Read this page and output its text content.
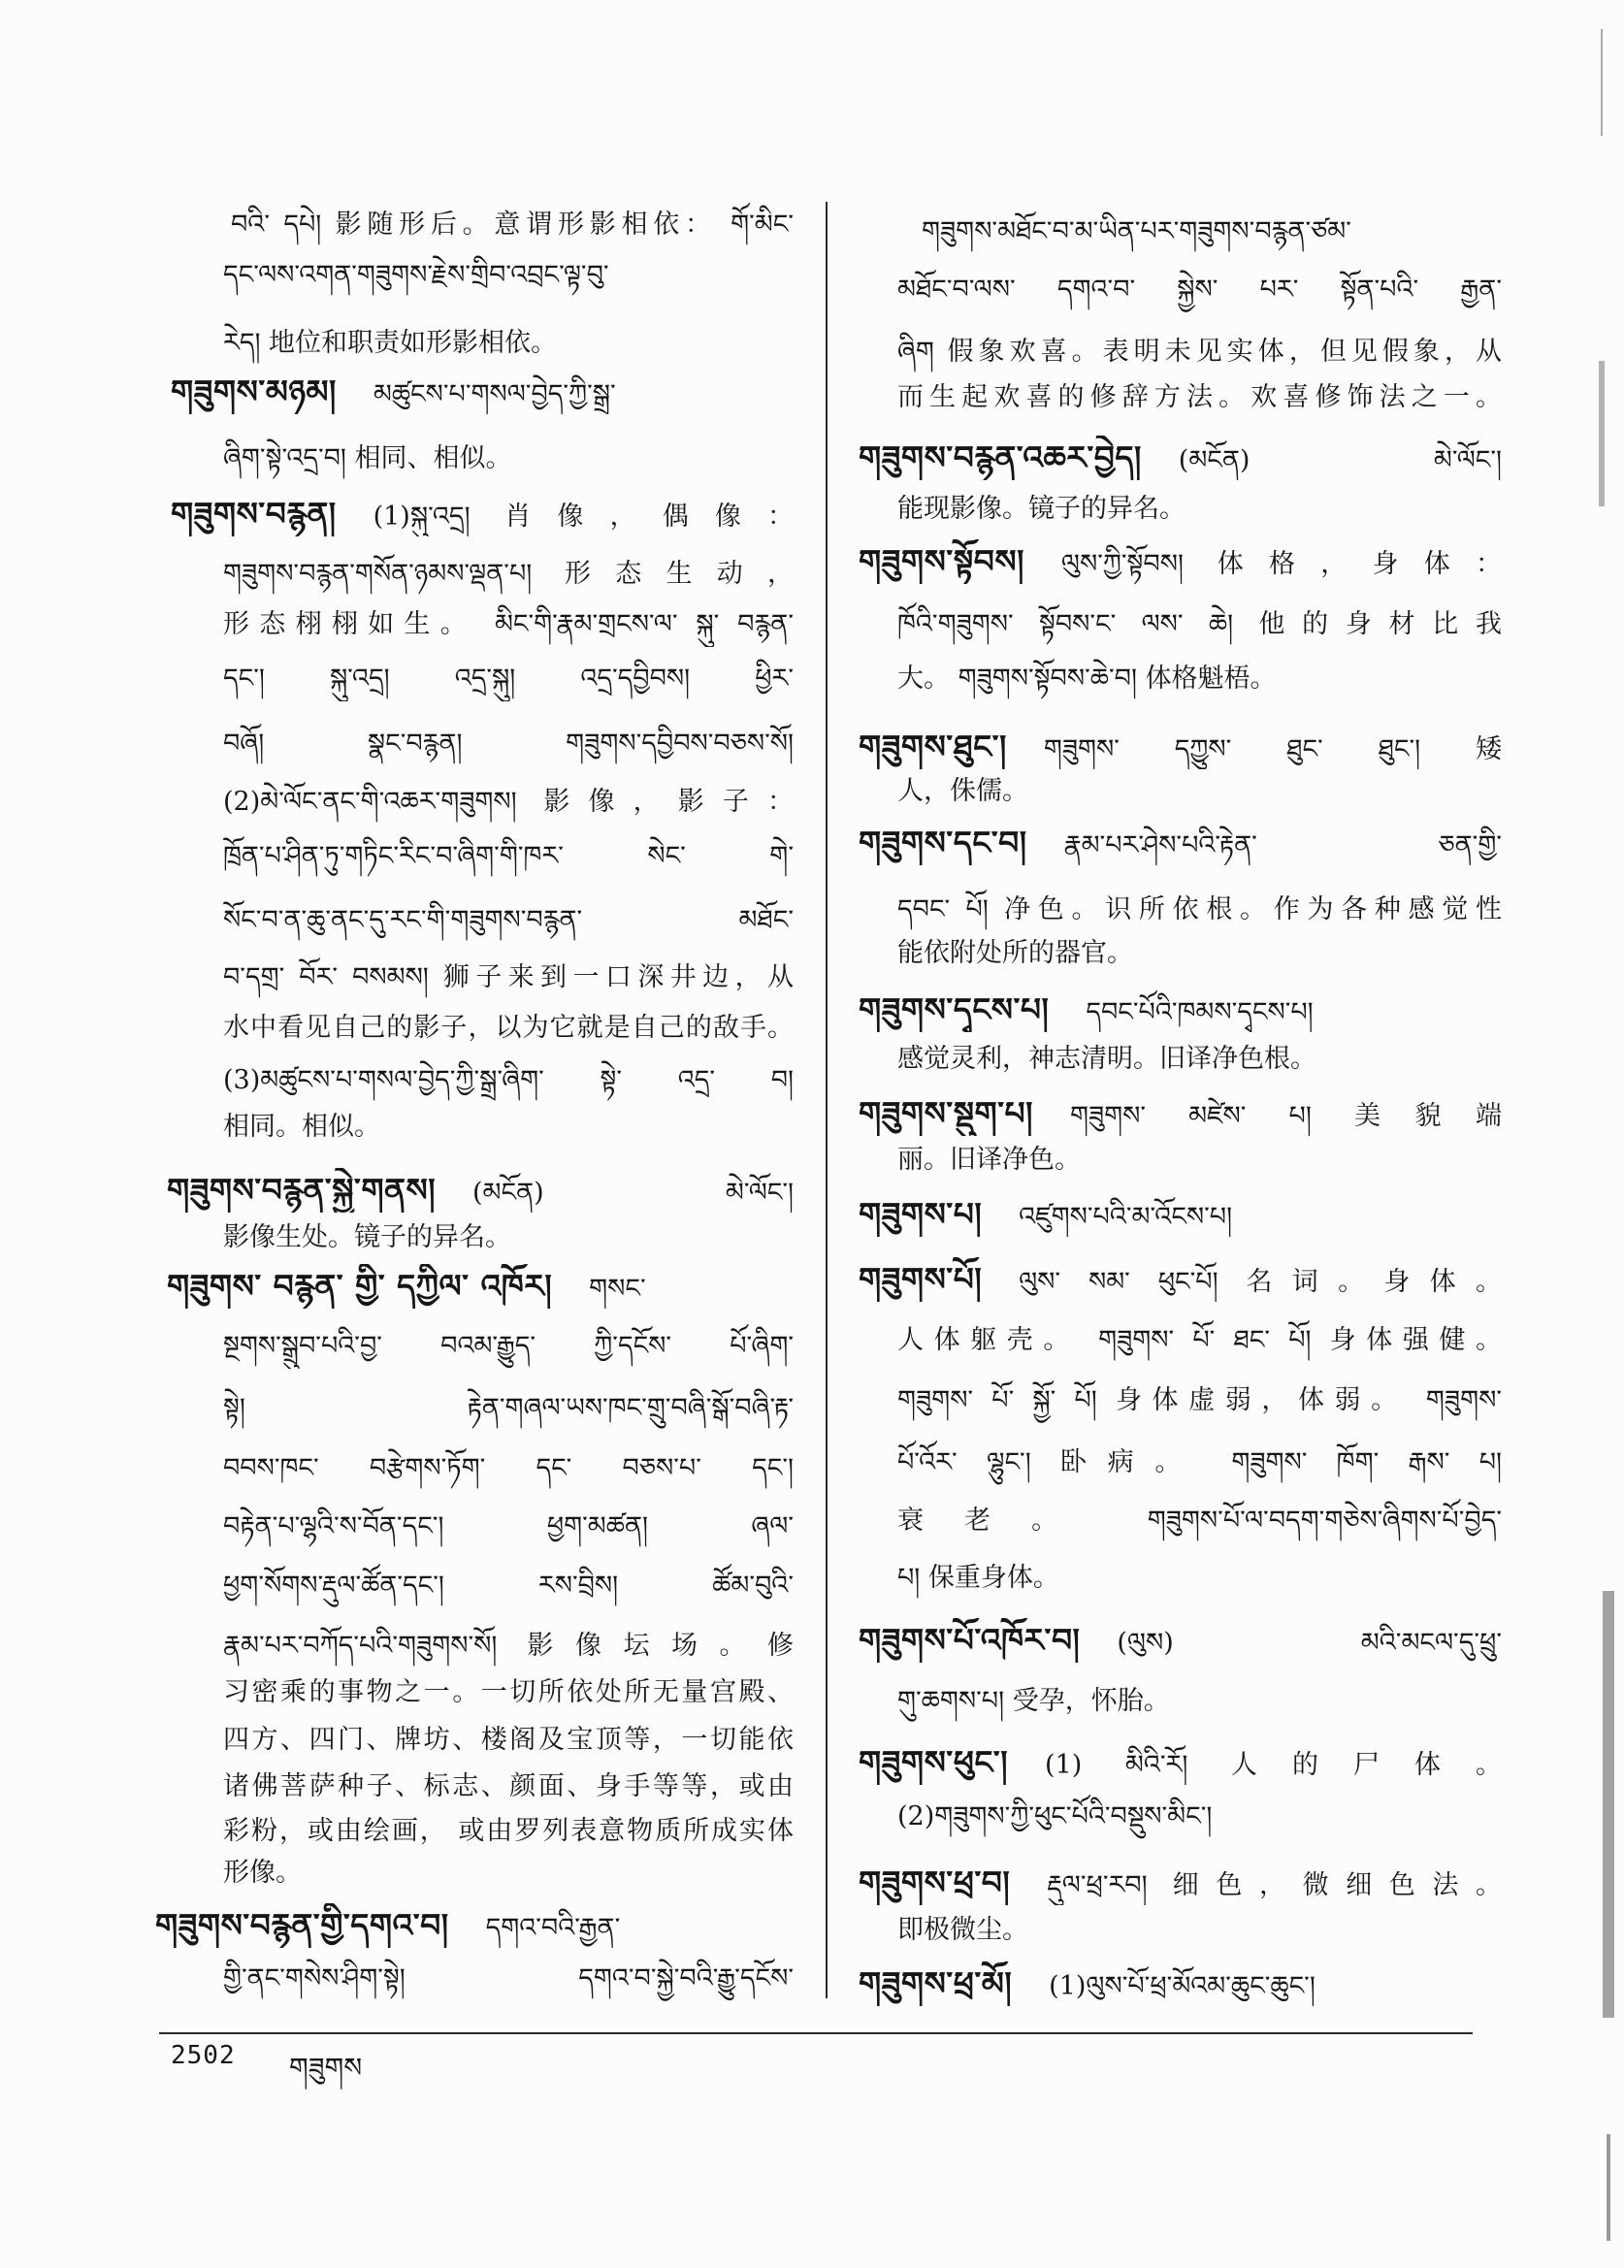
བའི་ དཔེ། 影随形后。意谓形影相依： གོ་མིང་
དང་ལས་འགན་གཟུགས་རྗེས་གྲིབ་འབྲང་ལྟ་བུ་
རེད། 地位和职责如形影相依。
གཟུགས་མཉམ། མཚུངས་པ་གསལ་བྱེད་ཀྱི་སྒྲ་
ཞིག་སྟེ་འདྲ་བ། 相同、相似。
གཟུགས་བརྙན། (1)སྐུ་འདྲ། 肖像，偶像：
གཟུགས་བརྙན་གསོན་ཉམས་ལྡན་པ། 形态生动，
形态栩栩如生。 མིང་གི་རྣམ་གྲངས་ལ་ སྐུ་ བརྙན་
དང་། སྐུ་འདྲ། འདྲ་སྐུ། འདྲ་དབྱིབས། ཕྱིར་
བཞོ། སྣང་བརྙན། གཟུགས་དབྱིབས་བཅས་སོ།
(2)མེ་ལོང་ནང་གི་འཆར་གཟུགས། 影像，影子：
ཁྲོན་པ་ཤིན་ཏུ་གཏིང་རིང་བ་ཞིག་གི་ཁར་ སེང་ གེ་
སོང་བ་ན་ཆུ་ནང་དུ་རང་གི་གཟུགས་བརྙན་ མཐོང་
བ་དགྲ་ བོར་ བསམས། 狮子来到一口深井边，从
水中看见自己的影子，以为它就是自己的敌手。
(3)མཚུངས་པ་གསལ་བྱེད་ཀྱི་སྒྲ་ཞིག་ སྟེ་ འདྲ་ བ།
相同。相似。
གཟུགས་བརྙན་སྐྱེ་གནས། (མངོན) མེ་ལོང་།
影像生处。镜子的异名。
གཟུགས་ བརྙན་ གྱི་ དཀྱིལ་ འཁོར། གསང་
སྔགས་སྒྲུབ་པའི་བྱ་ བའམ་རྒྱུད་ ཀྱི་དངོས་ པོ་ཞིག་
སྟེ། རྟེན་གཞལ་ཡས་ཁང་གྲུ་བཞི་སྒོ་བཞི་རྟ་
བབས་ཁང་ བརྩེགས་ཏོག་ དང་ བཅས་པ་ དང་།
བརྟེན་པ་ལྷའི་ས་བོན་དང་། ཕྱག་མཚན། ཞལ་
ཕྱག་སོགས་རྡུལ་ཚོན་དང་། རས་བྲིས། ཚོམ་བུའི་
རྣམ་པར་བཀོད་པའི་གཟུགས་སོ། 影像坛场。修
习密乘的事物之一。一切所依处所无量宫殿、
四方、四门、牌坊、楼阁及宝顶等，一切能依
诸佛菩萨种子、标志、颜面、身手等等，或由
彩粉，或由绘画， 或由罗列表意物质所成实体
形像。
གཟུགས་བརྙན་གྱི་དགའ་བ། དགའ་བའི་རྒྱན་
གྱི་ནང་གསེས་ཤིག་སྟེ། དགའ་བ་སྐྱེ་བའི་རྒྱུ་དངོས་
གཟུགས་མཐོང་བ་མ་ཡིན་པར་གཟུགས་བརྙན་ཙམ་
མཐོང་བ་ལས་ དགའ་བ་ སྐྱེས་ པར་ སྟོན་པའི་ རྒྱན་
ཞིག 假象欢喜。表明未见实体，但见假象，从
而生起欢喜的修辞方法。欢喜修饰法之一。
གཟུགས་བརྙན་འཆར་བྱེད། (མངོན) མེ་ལོང་།
能现影像。镜子的异名。
གཟུགས་སྟོབས། ལུས་ཀྱི་སྟོབས། 体格，身体：
ཁོའི་གཟུགས་ སྟོབས་ང་ ལས་ ཆེ། 他的身材比我
大。 གཟུགས་སྟོབས་ཆེ་བ། 体格魁梧。
གཟུགས་ཐུང་། གཟུགས་ དཀྱུས་ ཐུང་ ཐུང་། 矮
人，侏儒。
གཟུགས་དང་བ། རྣམ་པར་ཤེས་པའི་རྟེན་ ཅན་གྱི་
དབང་ པོ། 净色。识所依根。作为各种感觉性
能依附处所的器官。
གཟུགས་དྭངས་པ། དབང་པོའི་ཁམས་དྭངས་པ།
感觉灵利，神志清明。旧译净色根。
གཟུགས་སྡུག་པ། གཟུགས་ མཛེས་ པ། 美貌端
丽。旧译净色。
གཟུགས་པ། འཛུགས་པའི་མ་འོངས་པ།
གཟུགས་པོ། ལུས་ སམ་ ཕུང་པོ། 名词。身体。
人体躯壳。 གཟུགས་ པོ་ ཐང་ པོ། 身体强健。
གཟུགས་ པོ་ སྐྱོ་ པོ། 身体虚弱，体弱。 གཟུགས་
པོ་འོར་ ལྷུང་། 卧病。 གཟུགས་ ཁོག་ རྒས་ པ།
衰老。 གཟུགས་པོ་ལ་བདག་གཅེས་ཞིགས་པོ་བྱེད་
པ། 保重身体。
གཟུགས་པོ་འཁོར་བ། (ལུས) མའི་མངལ་དུ་ཕྲུ་
གུ་ཆགས་པ། 受孕，怀胎。
གཟུགས་ཕུང་། (1) མིའི་རོ། 人的尸体。
(2)གཟུགས་ཀྱི་ཕུང་པོའི་བསྡུས་མིང་།
གཟུགས་ཕྲ་བ། རྡུལ་ཕྲ་རབ། 细色，微细色法。
即极微尘。
གཟུགས་ཕྲ་མོ། (1)ལུས་པོ་ཕྲ་མོའམ་ཆུང་ཆུང་།
2502 གཟུགས
